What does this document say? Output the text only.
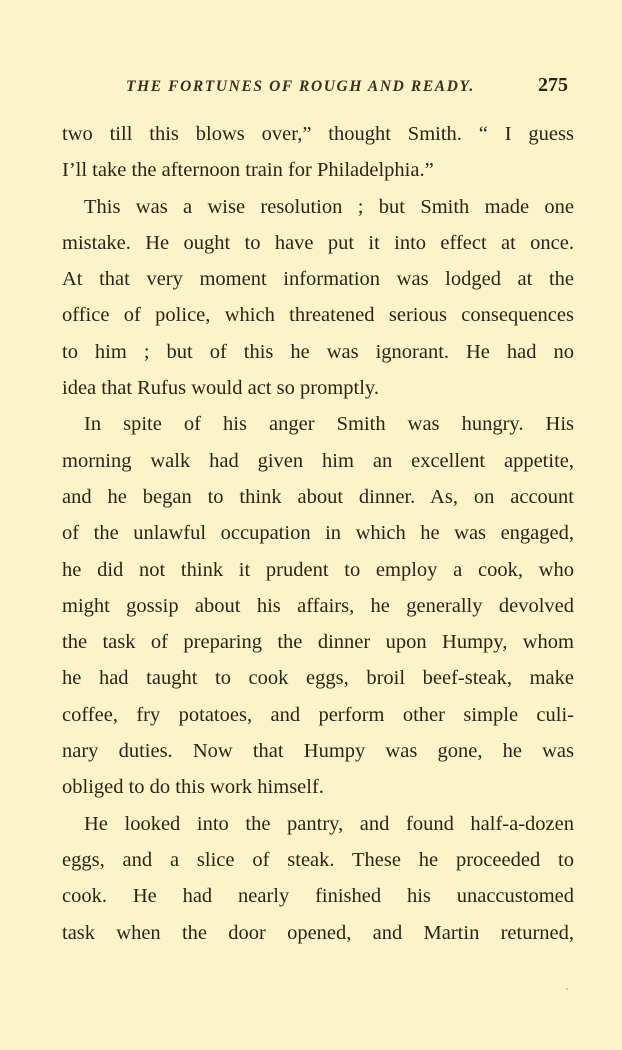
THE FORTUNES OF ROUGH AND READY.	275
two till this blows over,” thought Smith. “ I guess
I’ll take the afternoon train for Philadelphia.”
This was a wise resolution ; but Smith made one
mistake. He ought to have put it into effect at once.
At that very moment information was lodged at the
office of police, which threatened serious consequences
to him ; but of this he was ignorant. He had no
idea that Rufus would act so promptly.
In spite of his anger Smith was hungry. His
morning walk had given him an excellent appetite,
and he began to think about dinner. As, on account
of the unlawful occupation in which he was engaged,
he did not think it prudent to employ a cook, who
might gossip about his affairs, he generally devolved
the task of preparing the dinner upon Humpy, whom
he had taught to cook eggs, broil beef-steak, make
coffee, fry potatoes, and perform other simple culi-
nary duties. Now that Humpy was gone, he was
obliged to do this work himself.
He looked into the pantry, and found half-a-dozen
eggs, and a slice of steak. These he proceeded to
cook. He had nearly finished his unaccustomed
task when the door opened, and Martin returned,
